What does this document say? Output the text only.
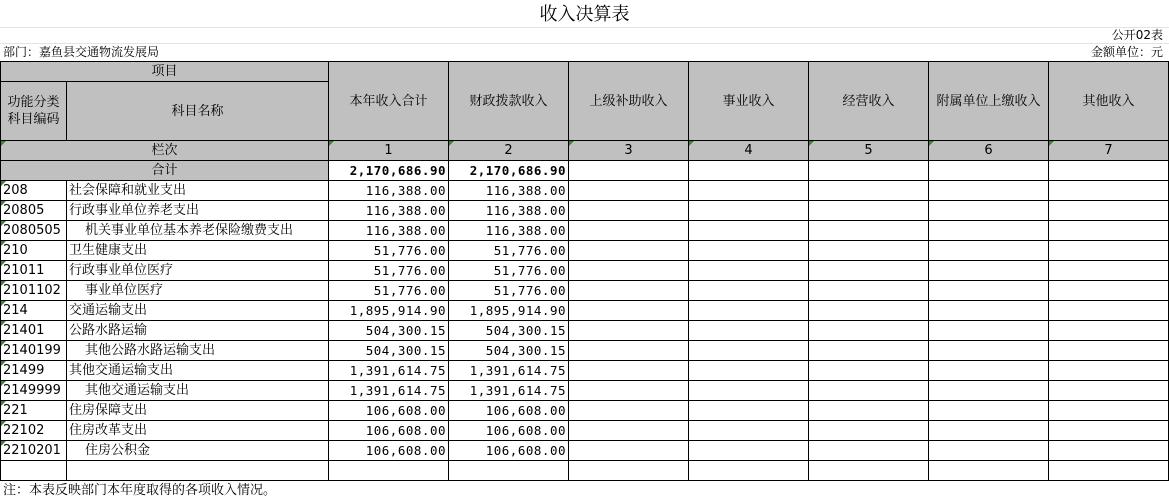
收入决算表
公开02表
部门：嘉鱼县交通物流发展局	金额单位：元
项目		本年收入合计	财政拨款收入	上级补助收入	事业收入	经营收入	附属单位上缴收入	其他收入
功能分类科目编码	科目名称							

栏次		1	2	3	4	5	6	7
合计		2,170,686.90	2,170,686.90					
208	社会保障和就业支出	116,388.00	116,388.00					
20805	行政事业单位养老支出	116,388.00	116,388.00					
2080505	机关事业单位基本养老保险缴费支出	116,388.00	116,388.00					
210	卫生健康支出	51,776.00	51,776.00					
21011	行政事业单位医疗	51,776.00	51,776.00					
2101102	事业单位医疗	51,776.00	51,776.00					
214	交通运输支出	1,895,914.90	1,895,914.90					
21401	公路水路运输	504,300.15	504,300.15					
2140199	其他公路水路运输支出	504,300.15	504,300.15					
21499	其他交通运输支出	1,391,614.75	1,391,614.75					
2149999	其他交通运输支出	1,391,614.75	1,391,614.75					
221	住房保障支出	106,608.00	106,608.00					
22102	住房改革支出	106,608.00	106,608.00					
2210201	住房公积金	106,608.00	106,608.00					

注：本表反映部门本年度取得的各项收入情况。
